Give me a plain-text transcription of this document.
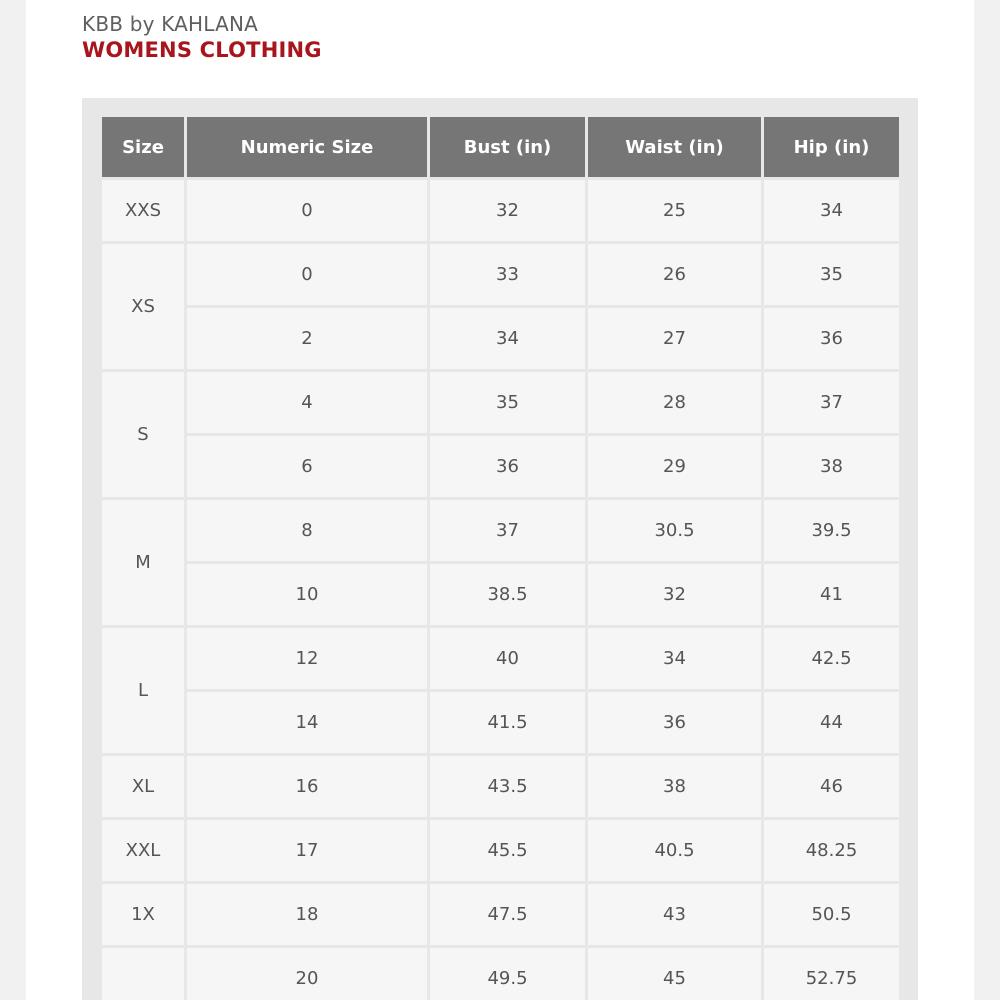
KBB by KAHLANA
WOMENS CLOTHING
Size	Numeric Size	Bust (in)	Waist (in)	Hip (in)
XXS	0	32	25	34
XS	0	33	26	35
	2	34	27	36
S	4	35	28	37
	6	36	29	38
M	8	37	30.5	39.5
	10	38.5	32	41
L	12	40	34	42.5
	14	41.5	36	44
XL	16	43.5	38	46
XXL	17	45.5	40.5	48.25
1X	18	47.5	43	50.5
	20	49.5	45	52.75
